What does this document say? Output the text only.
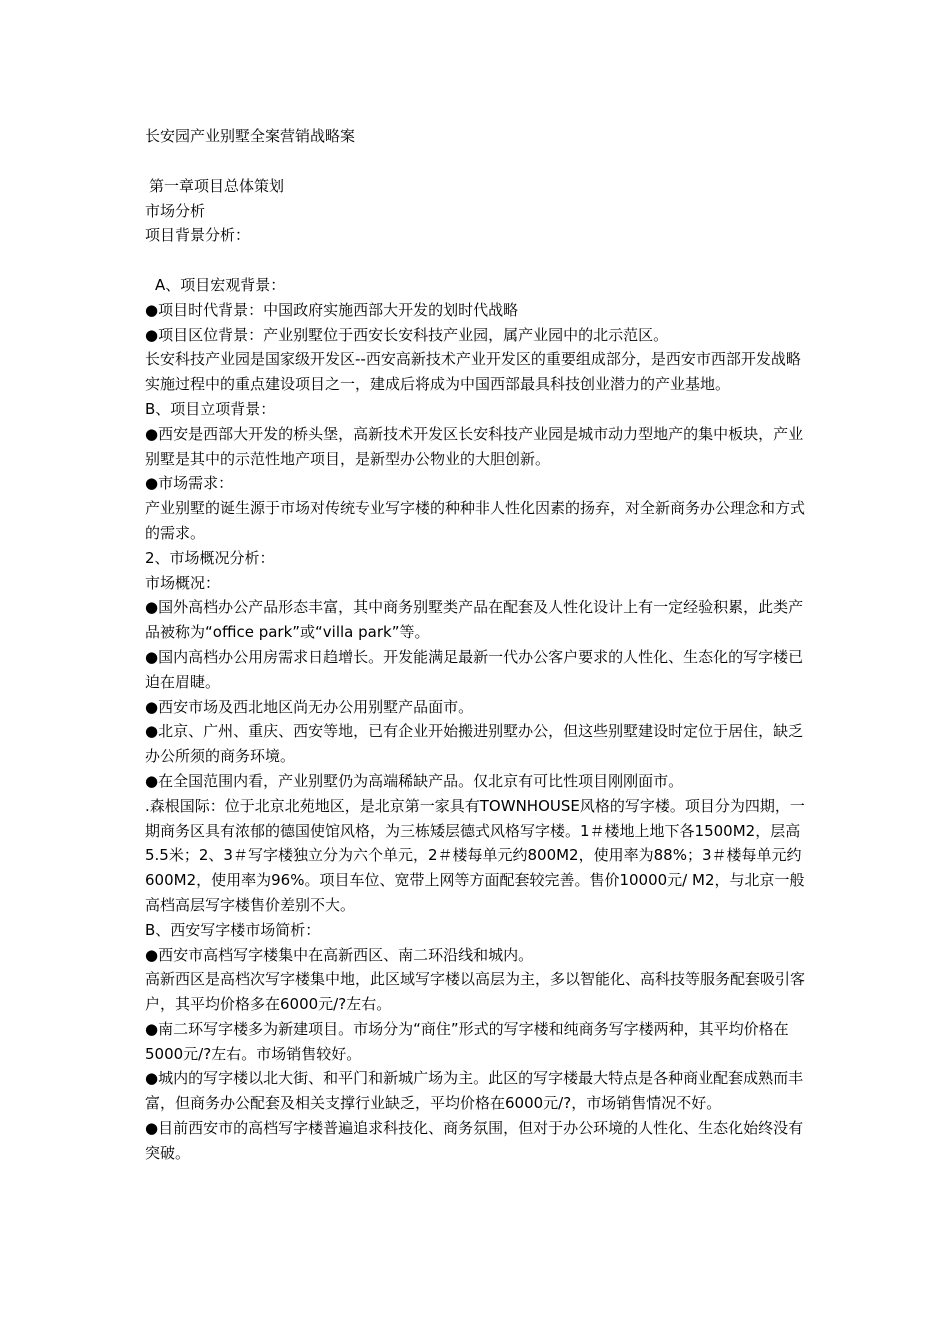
长安园产业别墅全案营销战略案

第一章项目总体策划

市场分析

项目背景分析：

A、项目宏观背景：

●项目时代背景：中国政府实施西部大开发的划时代战略

●项目区位背景：产业别墅位于西安长安科技产业园，属产业园中的北示范区。

长安科技产业园是国家级开发区--西安高新技术产业开发区的重要组成部分，是西安市西部开发战略实施过程中的重点建设项目之一，建成后将成为中国西部最具科技创业潜力的产业基地。

B、项目立项背景：

●西安是西部大开发的桥头堡，高新技术开发区长安科技产业园是城市动力型地产的集中板块，产业别墅是其中的示范性地产项目，是新型办公物业的大胆创新。

●市场需求：

产业别墅的诞生源于市场对传统专业写字楼的种种非人性化因素的扬弃，对全新商务办公理念和方式的需求。

2、市场概况分析：

市场概况：

●国外高档办公产品形态丰富，其中商务别墅类产品在配套及人性化设计上有一定经验积累，此类产品被称为“office park”或“villa park”等。

●国内高档办公用房需求日趋增长。开发能满足最新一代办公客户要求的人性化、生态化的写字楼已迫在眉睫。

●西安市场及西北地区尚无办公用别墅产品面市。

●北京、广州、重庆、西安等地，已有企业开始搬进别墅办公，但这些别墅建设时定位于居住，缺乏办公所须的商务环境。

●在全国范围内看，产业别墅仍为高端稀缺产品。仅北京有可比性项目刚刚面市。

.森根国际：位于北京北苑地区，是北京第一家具有TOWNHOUSE风格的写字楼。项目分为四期，一期商务区具有浓郁的德国使馆风格，为三栋矮层德式风格写字楼。1＃楼地上地下各1500M2，层高5.5米；2、3＃写字楼独立分为六个单元，2＃楼每单元约800M2，使用率为88%；3＃楼每单元约600M2，使用率为96%。项目车位、宽带上网等方面配套较完善。售价10000元/ M2，与北京一般高档高层写字楼售价差别不大。

B、西安写字楼市场简析：

●西安市高档写字楼集中在高新西区、南二环沿线和城内。

高新西区是高档次写字楼集中地，此区域写字楼以高层为主，多以智能化、高科技等服务配套吸引客户，其平均价格多在6000元/?左右。

●南二环写字楼多为新建项目。市场分为“商住”形式的写字楼和纯商务写字楼两种，其平均价格在5000元/?左右。市场销售较好。

●城内的写字楼以北大街、和平门和新城广场为主。此区的写字楼最大特点是各种商业配套成熟而丰富，但商务办公配套及相关支撑行业缺乏，平均价格在6000元/?，市场销售情况不好。

●目前西安市的高档写字楼普遍追求科技化、商务氛围，但对于办公环境的人性化、生态化始终没有突破。
